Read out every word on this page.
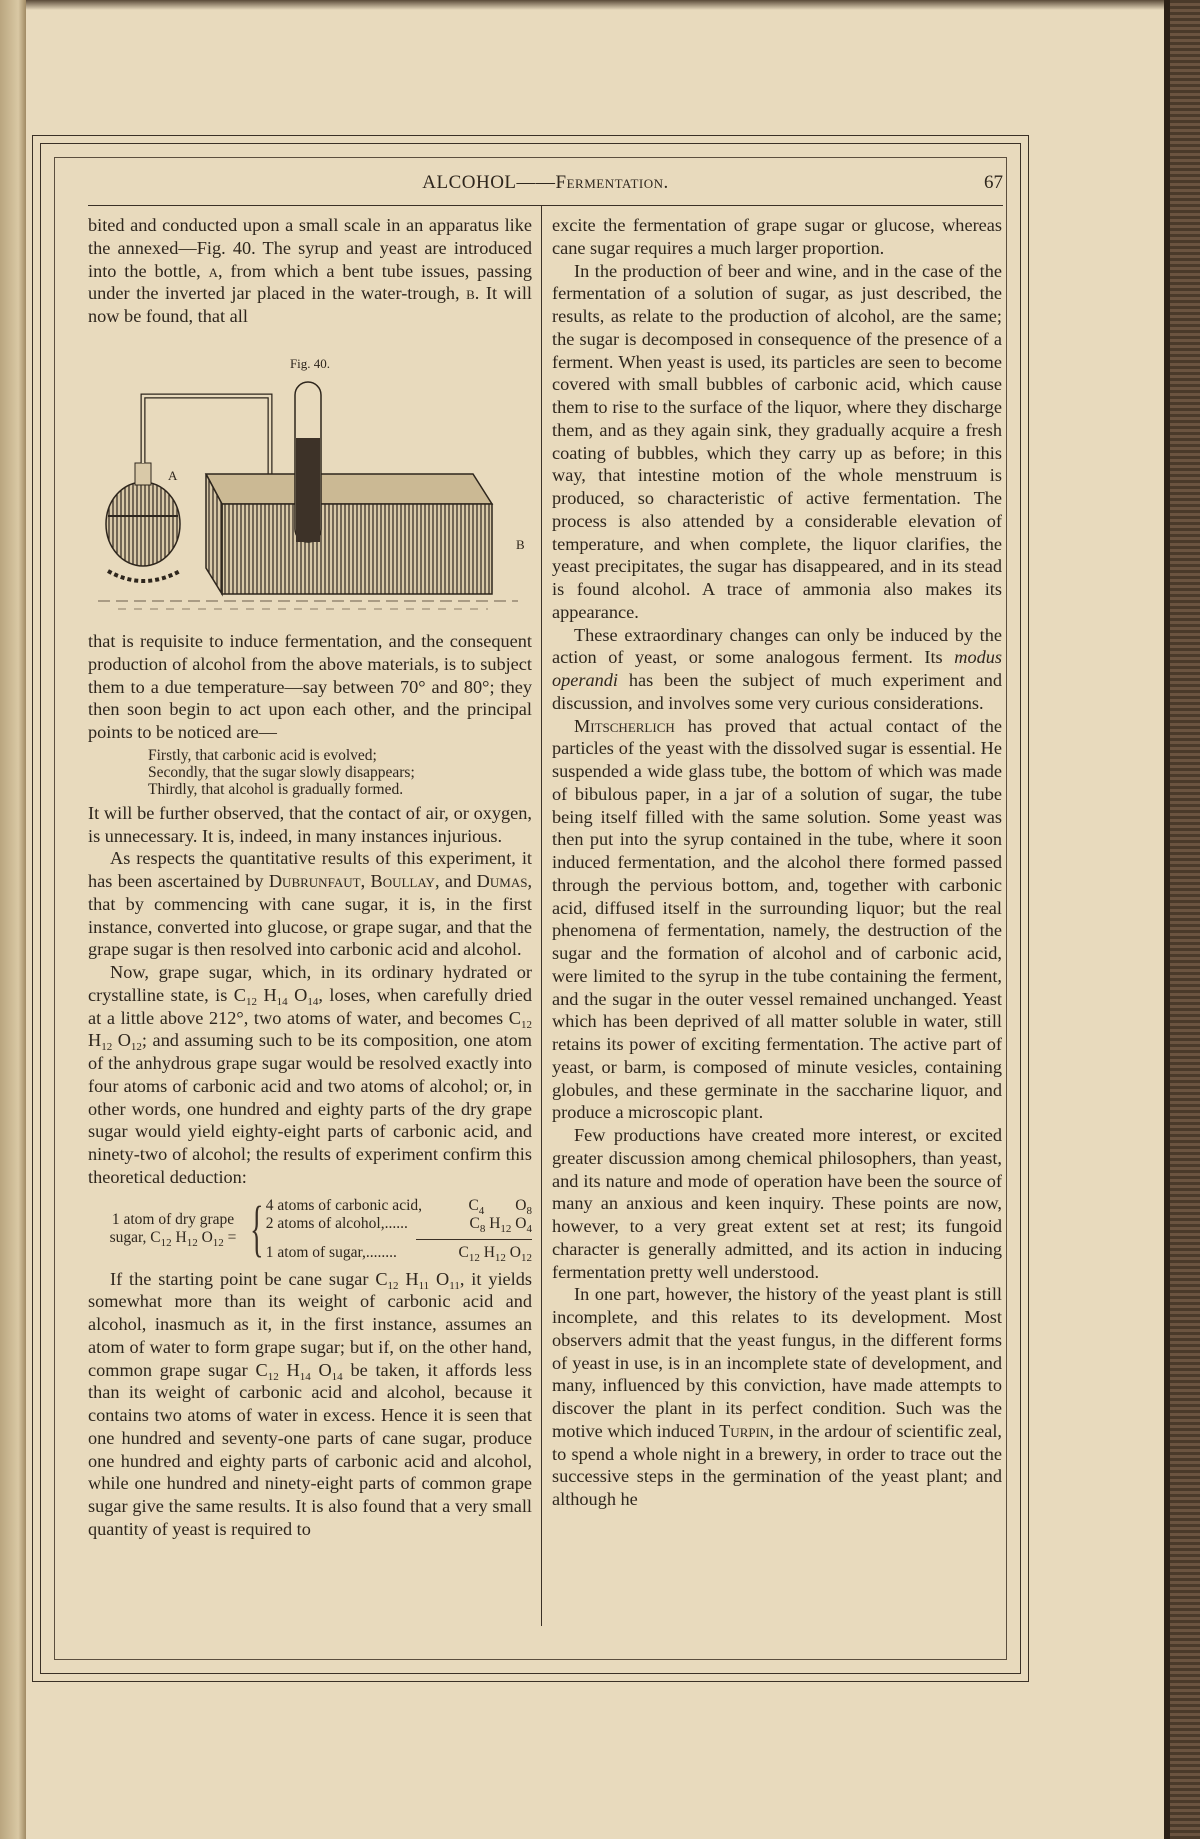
ALCOHOL——Fermentation.	67

bited and conducted upon a small scale in an apparatus like the annexed—Fig. 40. The syrup and yeast are introduced into the bottle, a, from which a bent tube issues, passing under the inverted jar placed in the water-trough, b. It will now be found, that all

Fig. 40.
A
B

that is requisite to induce fermentation, and the consequent production of alcohol from the above materials, is to subject them to a due temperature—say between 70° and 80°; they then soon begin to act upon each other, and the principal points to be noticed are—

Firstly, that carbonic acid is evolved;
Secondly, that the sugar slowly disappears;
Thirdly, that alcohol is gradually formed.

It will be further observed, that the contact of air, or oxygen, is unnecessary. It is, indeed, in many instances injurious.

As respects the quantitative results of this experiment, it has been ascertained by Dubrunfaut, Boullay, and Dumas, that by commencing with cane sugar, it is, in the first instance, converted into glucose, or grape sugar, and that the grape sugar is then resolved into carbonic acid and alcohol.

Now, grape sugar, which, in its ordinary hydrated or crystalline state, is $C_{12}$ $H_{14}$ $O_{14}$, loses, when carefully dried at a little above 212°, two atoms of water, and becomes $C_{12}$ $H_{12}$ $O_{12}$; and assuming such to be its composition, one atom of the anhydrous grape sugar would be resolved exactly into four atoms of carbonic acid and two atoms of alcohol; or, in other words, one hundred and eighty parts of the dry grape sugar would yield eighty-eight parts of carbonic acid, and ninety-two of alcohol; the results of experiment confirm this theoretical deduction:

1 atom of dry grape sugar, $C_{12}$ $H_{12}$ $O_{12}$ = { 4 atoms of carbonic acid,	$C_4$  $O_8$
2 atoms of alcohol,......	$C_8$ $H_{12}$ $O_4$
1 atom of sugar,........	$C_{12}$ $H_{12}$ $O_{12}$

If the starting point be cane sugar $C_{12}$ $H_{11}$ $O_{11}$, it yields somewhat more than its weight of carbonic acid and alcohol, inasmuch as it, in the first instance, assumes an atom of water to form grape sugar; but if, on the other hand, common grape sugar $C_{12}$ $H_{14}$ $O_{14}$ be taken, it affords less than its weight of carbonic acid and alcohol, because it contains two atoms of water in excess. Hence it is seen that one hundred and seventy-one parts of cane sugar, produce one hundred and eighty parts of carbonic acid and alcohol, while one hundred and ninety-eight parts of common grape sugar give the same results. It is also found that a very small quantity of yeast is required to

excite the fermentation of grape sugar or glucose, whereas cane sugar requires a much larger proportion.

In the production of beer and wine, and in the case of the fermentation of a solution of sugar, as just described, the results, as relate to the production of alcohol, are the same; the sugar is decomposed in consequence of the presence of a ferment. When yeast is used, its particles are seen to become covered with small bubbles of carbonic acid, which cause them to rise to the surface of the liquor, where they discharge them, and as they again sink, they gradually acquire a fresh coating of bubbles, which they carry up as before; in this way, that intestine motion of the whole menstruum is produced, so characteristic of active fermentation. The process is also attended by a considerable elevation of temperature, and when complete, the liquor clarifies, the yeast precipitates, the sugar has disappeared, and in its stead is found alcohol. A trace of ammonia also makes its appearance.

These extraordinary changes can only be induced by the action of yeast, or some analogous ferment. Its modus operandi has been the subject of much experiment and discussion, and involves some very curious considerations.

Mitscherlich has proved that actual contact of the particles of the yeast with the dissolved sugar is essential. He suspended a wide glass tube, the bottom of which was made of bibulous paper, in a jar of a solution of sugar, the tube being itself filled with the same solution. Some yeast was then put into the syrup contained in the tube, where it soon induced fermentation, and the alcohol there formed passed through the pervious bottom, and, together with carbonic acid, diffused itself in the surrounding liquor; but the real phenomena of fermentation, namely, the destruction of the sugar and the formation of alcohol and of carbonic acid, were limited to the syrup in the tube containing the ferment, and the sugar in the outer vessel remained unchanged. Yeast which has been deprived of all matter soluble in water, still retains its power of exciting fermentation. The active part of yeast, or barm, is composed of minute vesicles, containing globules, and these germinate in the saccharine liquor, and produce a microscopic plant.

Few productions have created more interest, or excited greater discussion among chemical philosophers, than yeast, and its nature and mode of operation have been the source of many an anxious and keen inquiry. These points are now, however, to a very great extent set at rest; its fungoid character is generally admitted, and its action in inducing fermentation pretty well understood.

In one part, however, the history of the yeast plant is still incomplete, and this relates to its development. Most observers admit that the yeast fungus, in the different forms of yeast in use, is in an incomplete state of development, and many, influenced by this conviction, have made attempts to discover the plant in its perfect condition. Such was the motive which induced Turpin, in the ardour of scientific zeal, to spend a whole night in a brewery, in order to trace out the successive steps in the germination of the yeast plant; and although he
